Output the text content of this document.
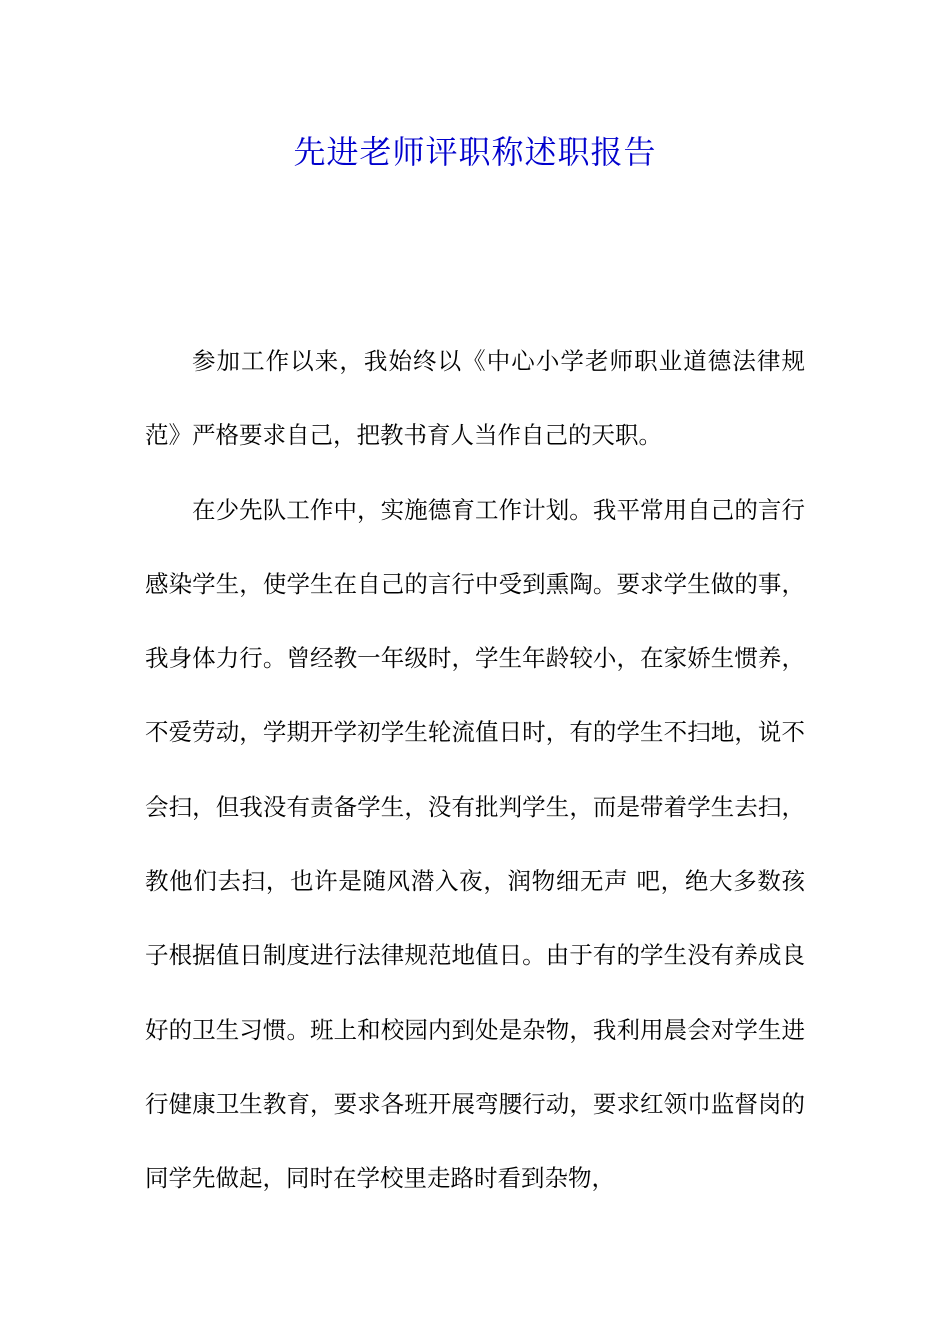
先进老师评职称述职报告

参加工作以来，我始终以《中心小学老师职业道德法律规范》严格要求自己，把教书育人当作自己的天职。

在少先队工作中，实施德育工作计划。我平常用自己的言行感染学生，使学生在自己的言行中受到熏陶。要求学生做的事，我身体力行。曾经教一年级时，学生年龄较小，在家娇生惯养，不爱劳动，学期开学初学生轮流值日时，有的学生不扫地，说不会扫，但我没有责备学生，没有批判学生，而是带着学生去扫，教他们去扫，也许是随风潜入夜，润物细无声 吧，绝大多数孩子根据值日制度进行法律规范地值日。由于有的学生没有养成良好的卫生习惯。班上和校园内到处是杂物，我利用晨会对学生进行健康卫生教育，要求各班开展弯腰行动，要求红领巾监督岗的同学先做起，同时在学校里走路时看到杂物，
